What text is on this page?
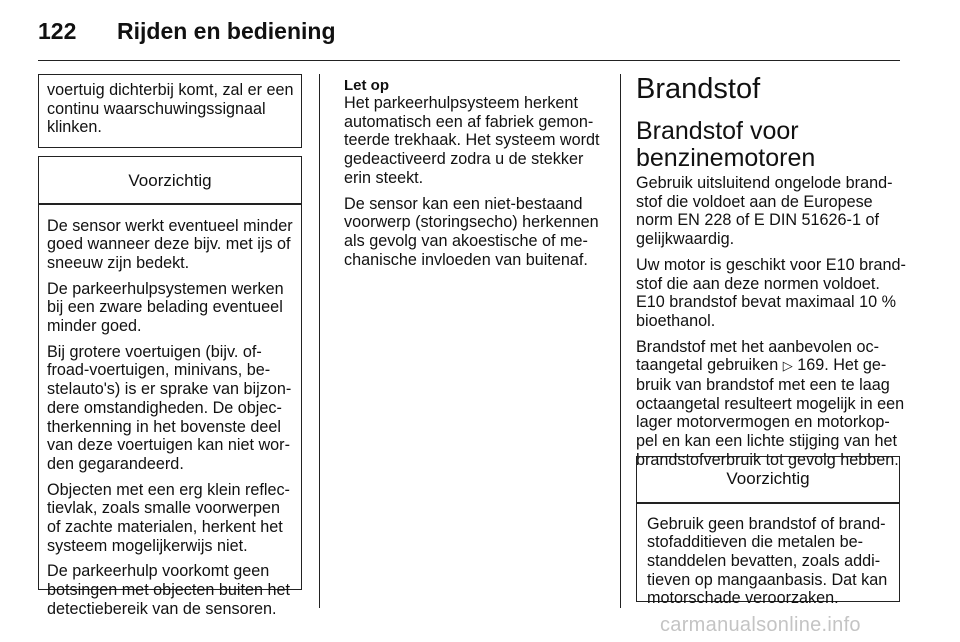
122 Rijden en bediening
voertuig dichterbij komt, zal er een
continu waarschuwingssignaal
klinken.
Voorzichtig
De sensor werkt eventueel minder
goed wanneer deze bijv. met ijs of
sneeuw zijn bedekt.
De parkeerhulpsystemen werken
bij een zware belading eventueel
minder goed.
Bij grotere voertuigen (bijv. of-
froad-voertuigen, minivans, be-
stelauto's) is er sprake van bijzon-
dere omstandigheden. De objec-
therkenning in het bovenste deel
van deze voertuigen kan niet wor-
den gegarandeerd.
Objecten met een erg klein reflec-
tievlak, zoals smalle voorwerpen
of zachte materialen, herkent het
systeem mogelijkerwijs niet.
De parkeerhulp voorkomt geen
botsingen met objecten buiten het
detectiebereik van de sensoren.
Let op
Het parkeerhulpsysteem herkent
automatisch een af fabriek gemon-
teerde trekhaak. Het systeem wordt
gedeactiveerd zodra u de stekker
erin steekt.
De sensor kan een niet-bestaand
voorwerp (storingsecho) herkennen
als gevolg van akoestische of me-
chanische invloeden van buitenaf.
Brandstof
Brandstof voor
benzinemotoren
Gebruik uitsluitend ongelode brand-
stof die voldoet aan de Europese
norm EN 228 of E DIN 51626-1 of
gelijkwaardig.
Uw motor is geschikt voor E10 brand-
stof die aan deze normen voldoet.
E10 brandstof bevat maximaal 10 %
bioethanol.
Brandstof met het aanbevolen oc-
taangetal gebruiken ▷ 169. Het ge-
bruik van brandstof met een te laag
octaangetal resulteert mogelijk in een
lager motorvermogen en motorkop-
pel en kan een lichte stijging van het
brandstofverbruik tot gevolg hebben.
Voorzichtig
Gebruik geen brandstof of brand-
stofadditieven die metalen be-
standdelen bevatten, zoals addi-
tieven op mangaanbasis. Dat kan
motorschade veroorzaken.
carmanualsonline.info
